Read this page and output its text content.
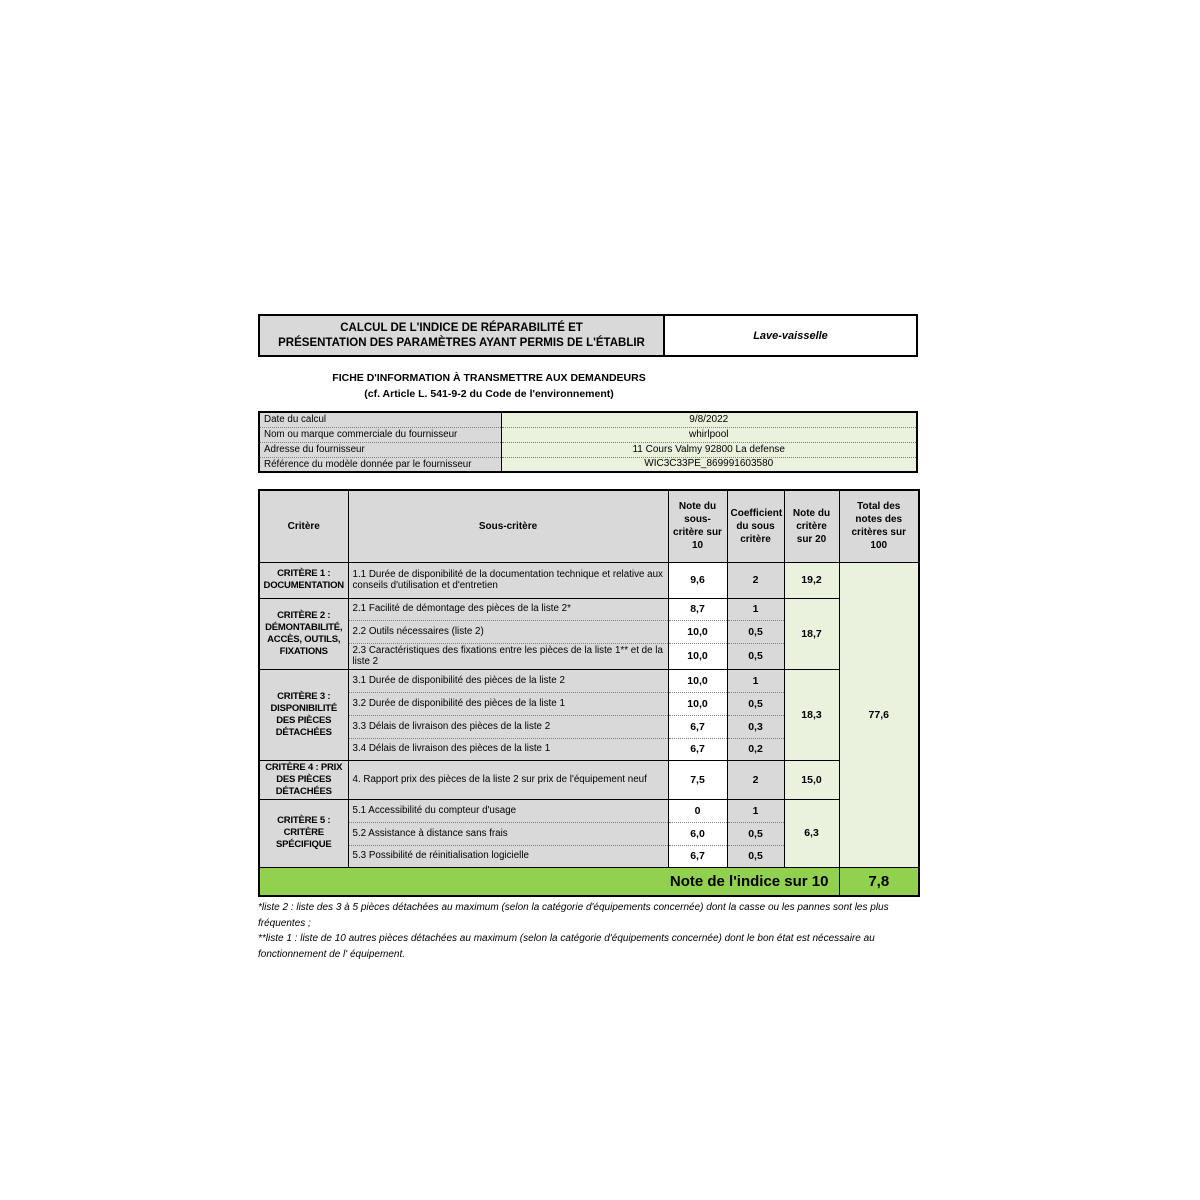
CALCUL DE L'INDICE DE RÉPARABILITÉ ET
PRÉSENTATION DES PARAMÈTRES AYANT PERMIS DE L'ÉTABLIR
Lave-vaisselle
FICHE D'INFORMATION À TRANSMETTRE AUX DEMANDEURS
(cf. Article L. 541-9-2 du Code de l'environnement)
Date du calcul	9/8/2022
Nom ou marque commerciale du fournisseur	whirlpool
Adresse du fournisseur	11 Cours Valmy 92800 La defense
Référence du modèle donnée par le fournisseur	WIC3C33PE_869991603580
Critère	Sous-critère	Note du sous-critère sur 10	Coefficient du sous critère	Note du critère sur 20	Total des notes des critères sur 100
CRITÈRE 1 : DOCUMENTATION	1.1 Durée de disponibilité de la documentation technique et relative aux conseils d'utilisation et d'entretien	9,6	2	19,2	77,6
CRITÈRE 2 : DÉMONTABILITÉ, ACCÈS, OUTILS, FIXATIONS	2.1 Facilité de démontage des pièces de la liste 2*	8,7	1	18,7	
	2.2 Outils nécessaires (liste 2)	10,0	0,5		
	2.3 Caractéristiques des fixations entre les pièces de la liste 1** et de la liste 2	10,0	0,5		
CRITÈRE 3 : DISPONIBILITÉ DES PIÈCES DÉTACHÉES	3.1 Durée de disponibilité des pièces de la liste 2	10,0	1	18,3	
	3.2 Durée de disponibilité des pièces de la liste 1	10,0	0,5		
	3.3 Délais de livraison des pièces de la liste 2	6,7	0,3		
	3.4 Délais de livraison des pièces de la liste 1	6,7	0,2		
CRITÈRE 4 : PRIX DES PIÈCES DÉTACHÉES	4. Rapport prix des pièces de la liste 2 sur prix de l'équipement neuf	7,5	2	15,0	
CRITÈRE 5 : CRITÈRE SPÉCIFIQUE	5.1 Accessibilité du compteur d'usage	0	1	6,3	
	5.2 Assistance à distance sans frais	6,0	0,5		
	5.3 Possibilité de réinitialisation logicielle	6,7	0,5		
Note de l'indice sur 10					7,8
*liste 2 : liste des 3 à 5 pièces détachées au maximum (selon la catégorie d'équipements concernée) dont la casse ou les pannes sont les plus fréquentes ;
**liste 1 : liste de 10 autres pièces détachées au maximum (selon la catégorie d'équipements concernée) dont le bon état est nécessaire au fonctionnement de l' équipement.
